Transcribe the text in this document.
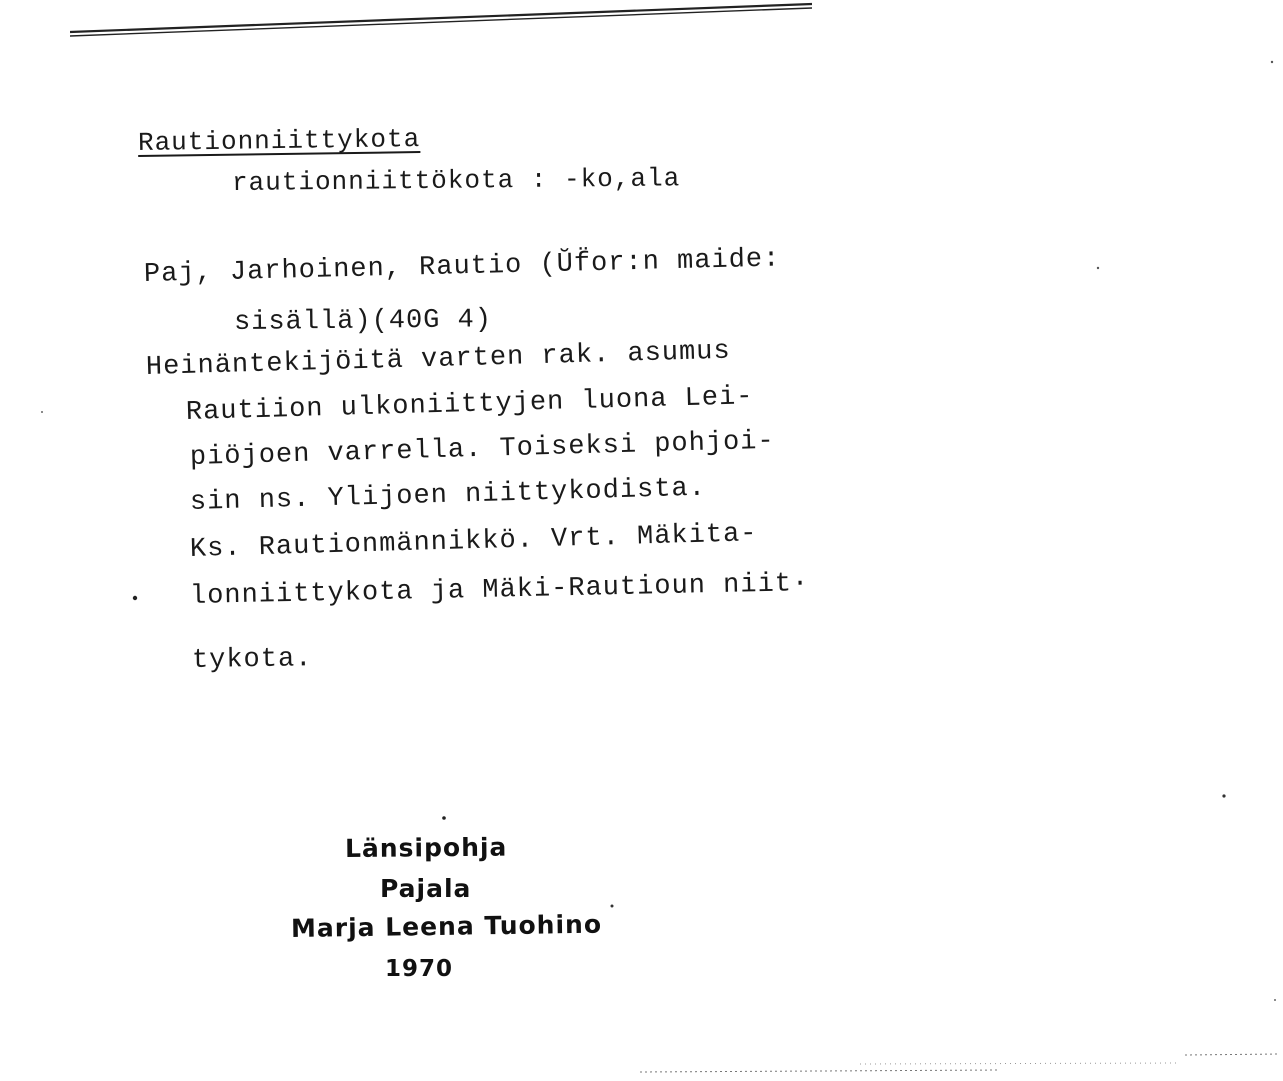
Rautionniittykota
rautionniittökota : -ko,ala
Paj, Jarhoinen, Rautio (Ŭf̈or:n maide:
sisällä)(40G 4)
Heinäntekijöitä varten rak. asumus
Rautiion ulkoniittyjen luona Lei-
piöjoen varrella. Toiseksi pohjoi-
sin ns. Ylijoen niittykodista.
Ks. Rautionmännikkö. Vrt. Mäkita-
lonniittykota ja Mäki-Rautioun niit·
tykota.
Länsipohja
Pajala
Marja Leena Tuohino
1970
